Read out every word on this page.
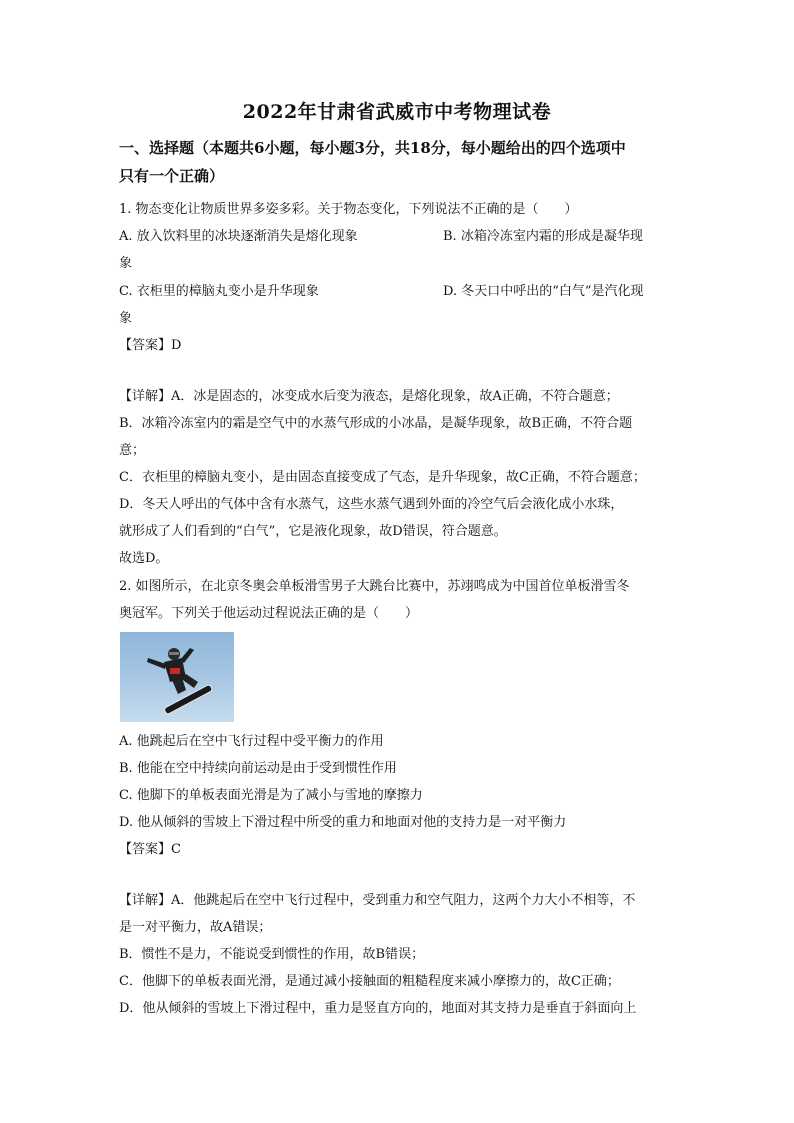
2022年甘肃省武威市中考物理试卷
一、选择题（本题共6小题，每小题3分，共18分，每小题给出的四个选项中
只有一个正确）
1. 物态变化让物质世界多姿多彩。关于物态变化，下列说法不正确的是（　　）
A. 放入饮料里的冰块逐渐消失是熔化现象	B. 冰箱冷冻室内霜的形成是凝华现
象
C. 衣柜里的樟脑丸变小是升华现象	D. 冬天口中呼出的“白气”是汽化现
象
【答案】D
【详解】A．冰是固态的，冰变成水后变为液态，是熔化现象，故A正确，不符合题意；
B．冰箱冷冻室内的霜是空气中的水蒸气形成的小冰晶，是凝华现象，故B正确，不符合题
意；
C．衣柜里的樟脑丸变小，是由固态直接变成了气态，是升华现象，故C正确，不符合题意；
D．冬天人呼出的气体中含有水蒸气，这些水蒸气遇到外面的冷空气后会液化成小水珠，
就形成了人们看到的“白气”，它是液化现象，故D错误，符合题意。
故选D。
2. 如图所示，在北京冬奥会单板滑雪男子大跳台比赛中，苏翊鸣成为中国首位单板滑雪冬
奥冠军。下列关于他运动过程说法正确的是（　　）
A. 他跳起后在空中飞行过程中受平衡力的作用
B. 他能在空中持续向前运动是由于受到惯性作用
C. 他脚下的单板表面光滑是为了减小与雪地的摩擦力
D. 他从倾斜的雪坡上下滑过程中所受的重力和地面对他的支持力是一对平衡力
【答案】C
【详解】A．他跳起后在空中飞行过程中，受到重力和空气阻力，这两个力大小不相等，不
是一对平衡力，故A错误；
B．惯性不是力，不能说受到惯性的作用，故B错误；
C．他脚下的单板表面光滑，是通过减小接触面的粗糙程度来减小摩擦力的，故C正确；
D．他从倾斜的雪坡上下滑过程中，重力是竖直方向的，地面对其支持力是垂直于斜面向上
